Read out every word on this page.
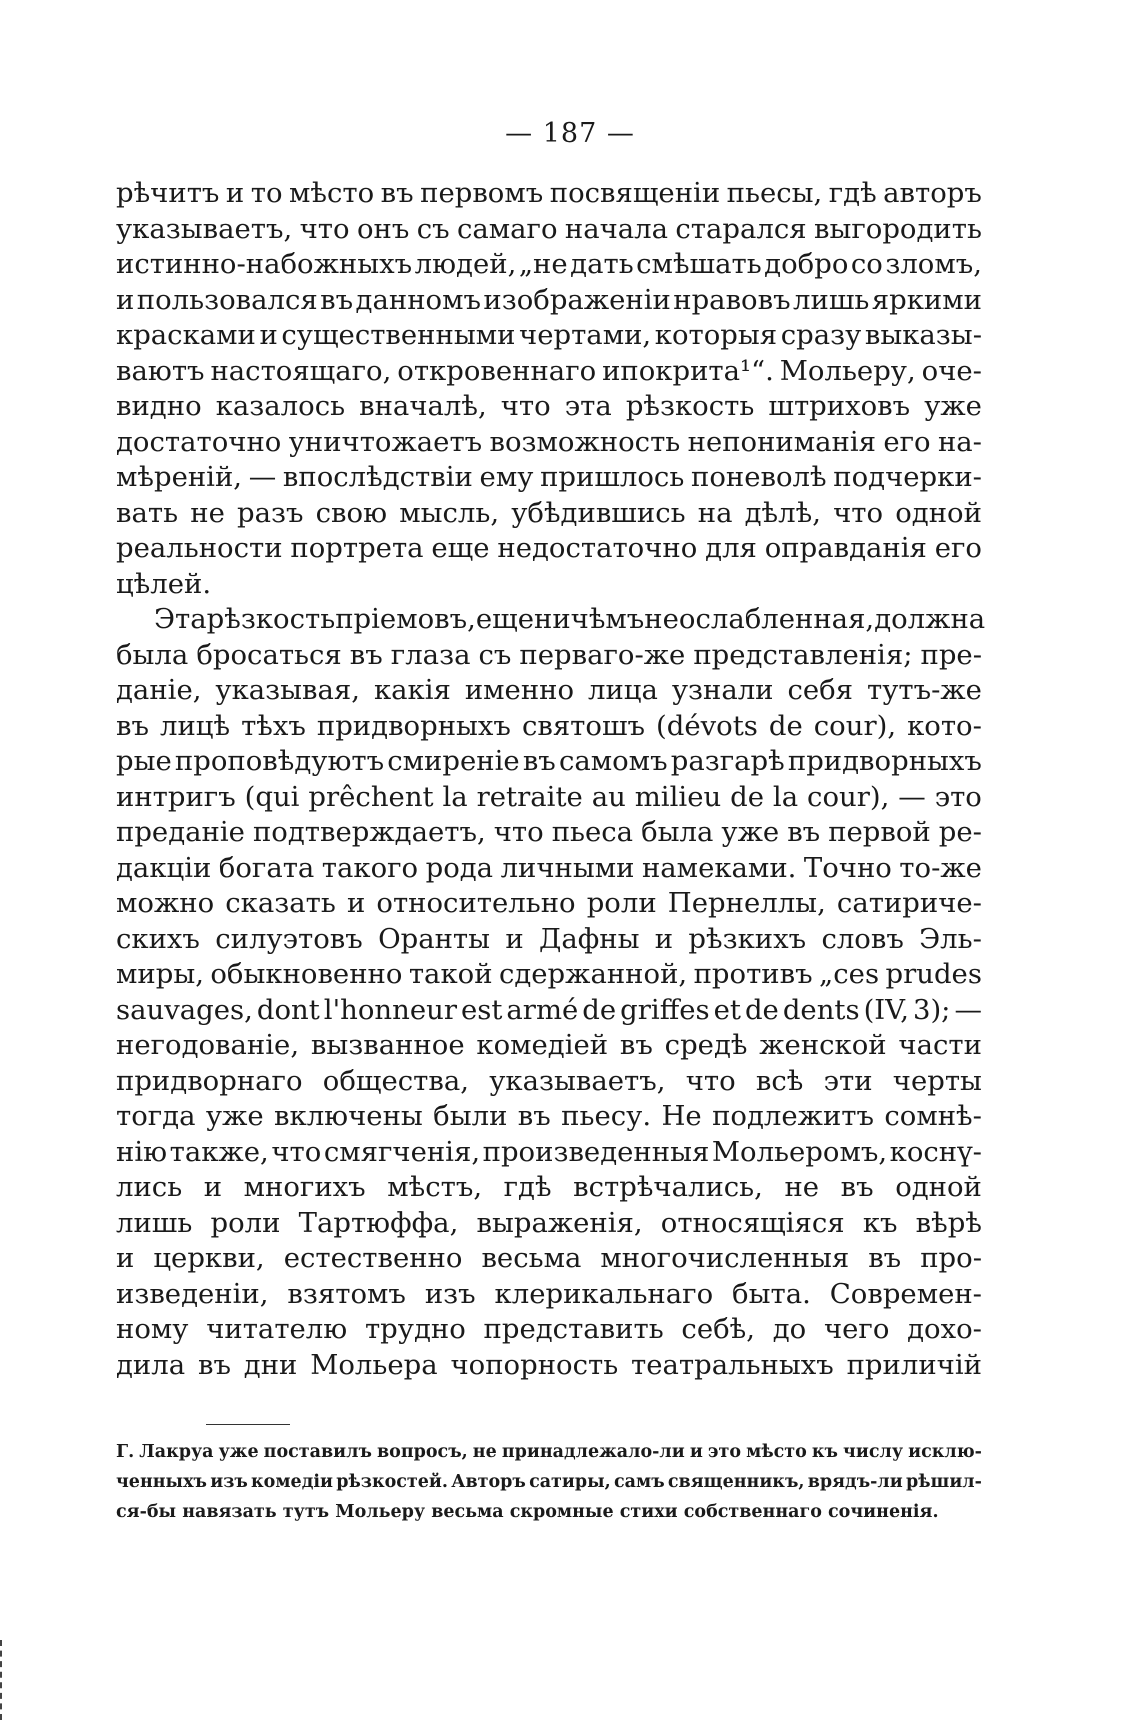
— 187 —
рѣчитъ и то мѣсто въ первомъ посвященіи пьесы, гдѣ авторъ
указываетъ, что онъ съ самаго начала старался выгородить
истинно-набожныхъ людей, „не дать смѣшать добро со зломъ,
и пользовался въ данномъ изображеніи нравовъ лишь яркими
красками и существенными чертами, которыя сразу выказы-
ваютъ настоящаго, откровеннаго ипокрита¹“. Мольеру, оче-
видно казалось вначалѣ, что эта рѣзкость штриховъ уже
достаточно уничтожаетъ возможность непониманія его на-
мѣреній, — впослѣдствіи ему пришлось поневолѣ подчерки-
вать не разъ свою мысль, убѣдившись на дѣлѣ, что одной
реальности портрета еще недостаточно для оправданія его
цѣлей.
Эта рѣзкость пріемовъ, еще ничѣмъ не ослабленная, должна
была бросаться въ глаза съ перваго-же представленія; пре-
даніе, указывая, какія именно лица узнали себя тутъ-же
въ лицѣ тѣхъ придворныхъ святошъ (dévots de cour), кото-
рые проповѣдуютъ смиреніе въ самомъ разгарѣ придворныхъ
интригъ (qui prêchent la retraite au milieu de la cour), — это
преданіе подтверждаетъ, что пьеса была уже въ первой ре-
дакціи богата такого рода личными намеками. Точно то-же
можно сказать и относительно роли Пернеллы, сатириче-
скихъ силуэтовъ Оранты и Дафны и рѣзкихъ словъ Эль-
миры, обыкновенно такой сдержанной, противъ „ces prudes
sauvages, dont l'honneur est armé de griffes et de dents (IV, 3); —
негодованіе, вызванное комедіей въ средѣ женской части
придворнаго общества, указываетъ, что всѣ эти черты
тогда уже включены были въ пьесу. Не подлежитъ сомнѣ-
нію также, что смягченія, произведенныя Мольеромъ, коснү-
лись и многихъ мѣстъ, гдѣ встрѣчались, не въ одной
лишь роли Тартюффа, выраженія, относящіяся къ вѣрѣ
и церкви, естественно весьма многочисленныя въ про-
изведеніи, взятомъ изъ клерикальнаго быта. Современ-
ному читателю трудно представить себѣ, до чего дохо-
дила въ дни Мольера чопорность театральныхъ приличій
Г. Лакруа уже поставилъ вопросъ, не принадлежало-ли и это мѣсто къ числу исклю-
ченныхъ изъ комедіи рѣзкостей. Авторъ сатиры, самъ священникъ, врядъ-ли рѣшил-
ся-бы навязать тутъ Мольеру весьма скромные стихи собственнаго сочиненія.
